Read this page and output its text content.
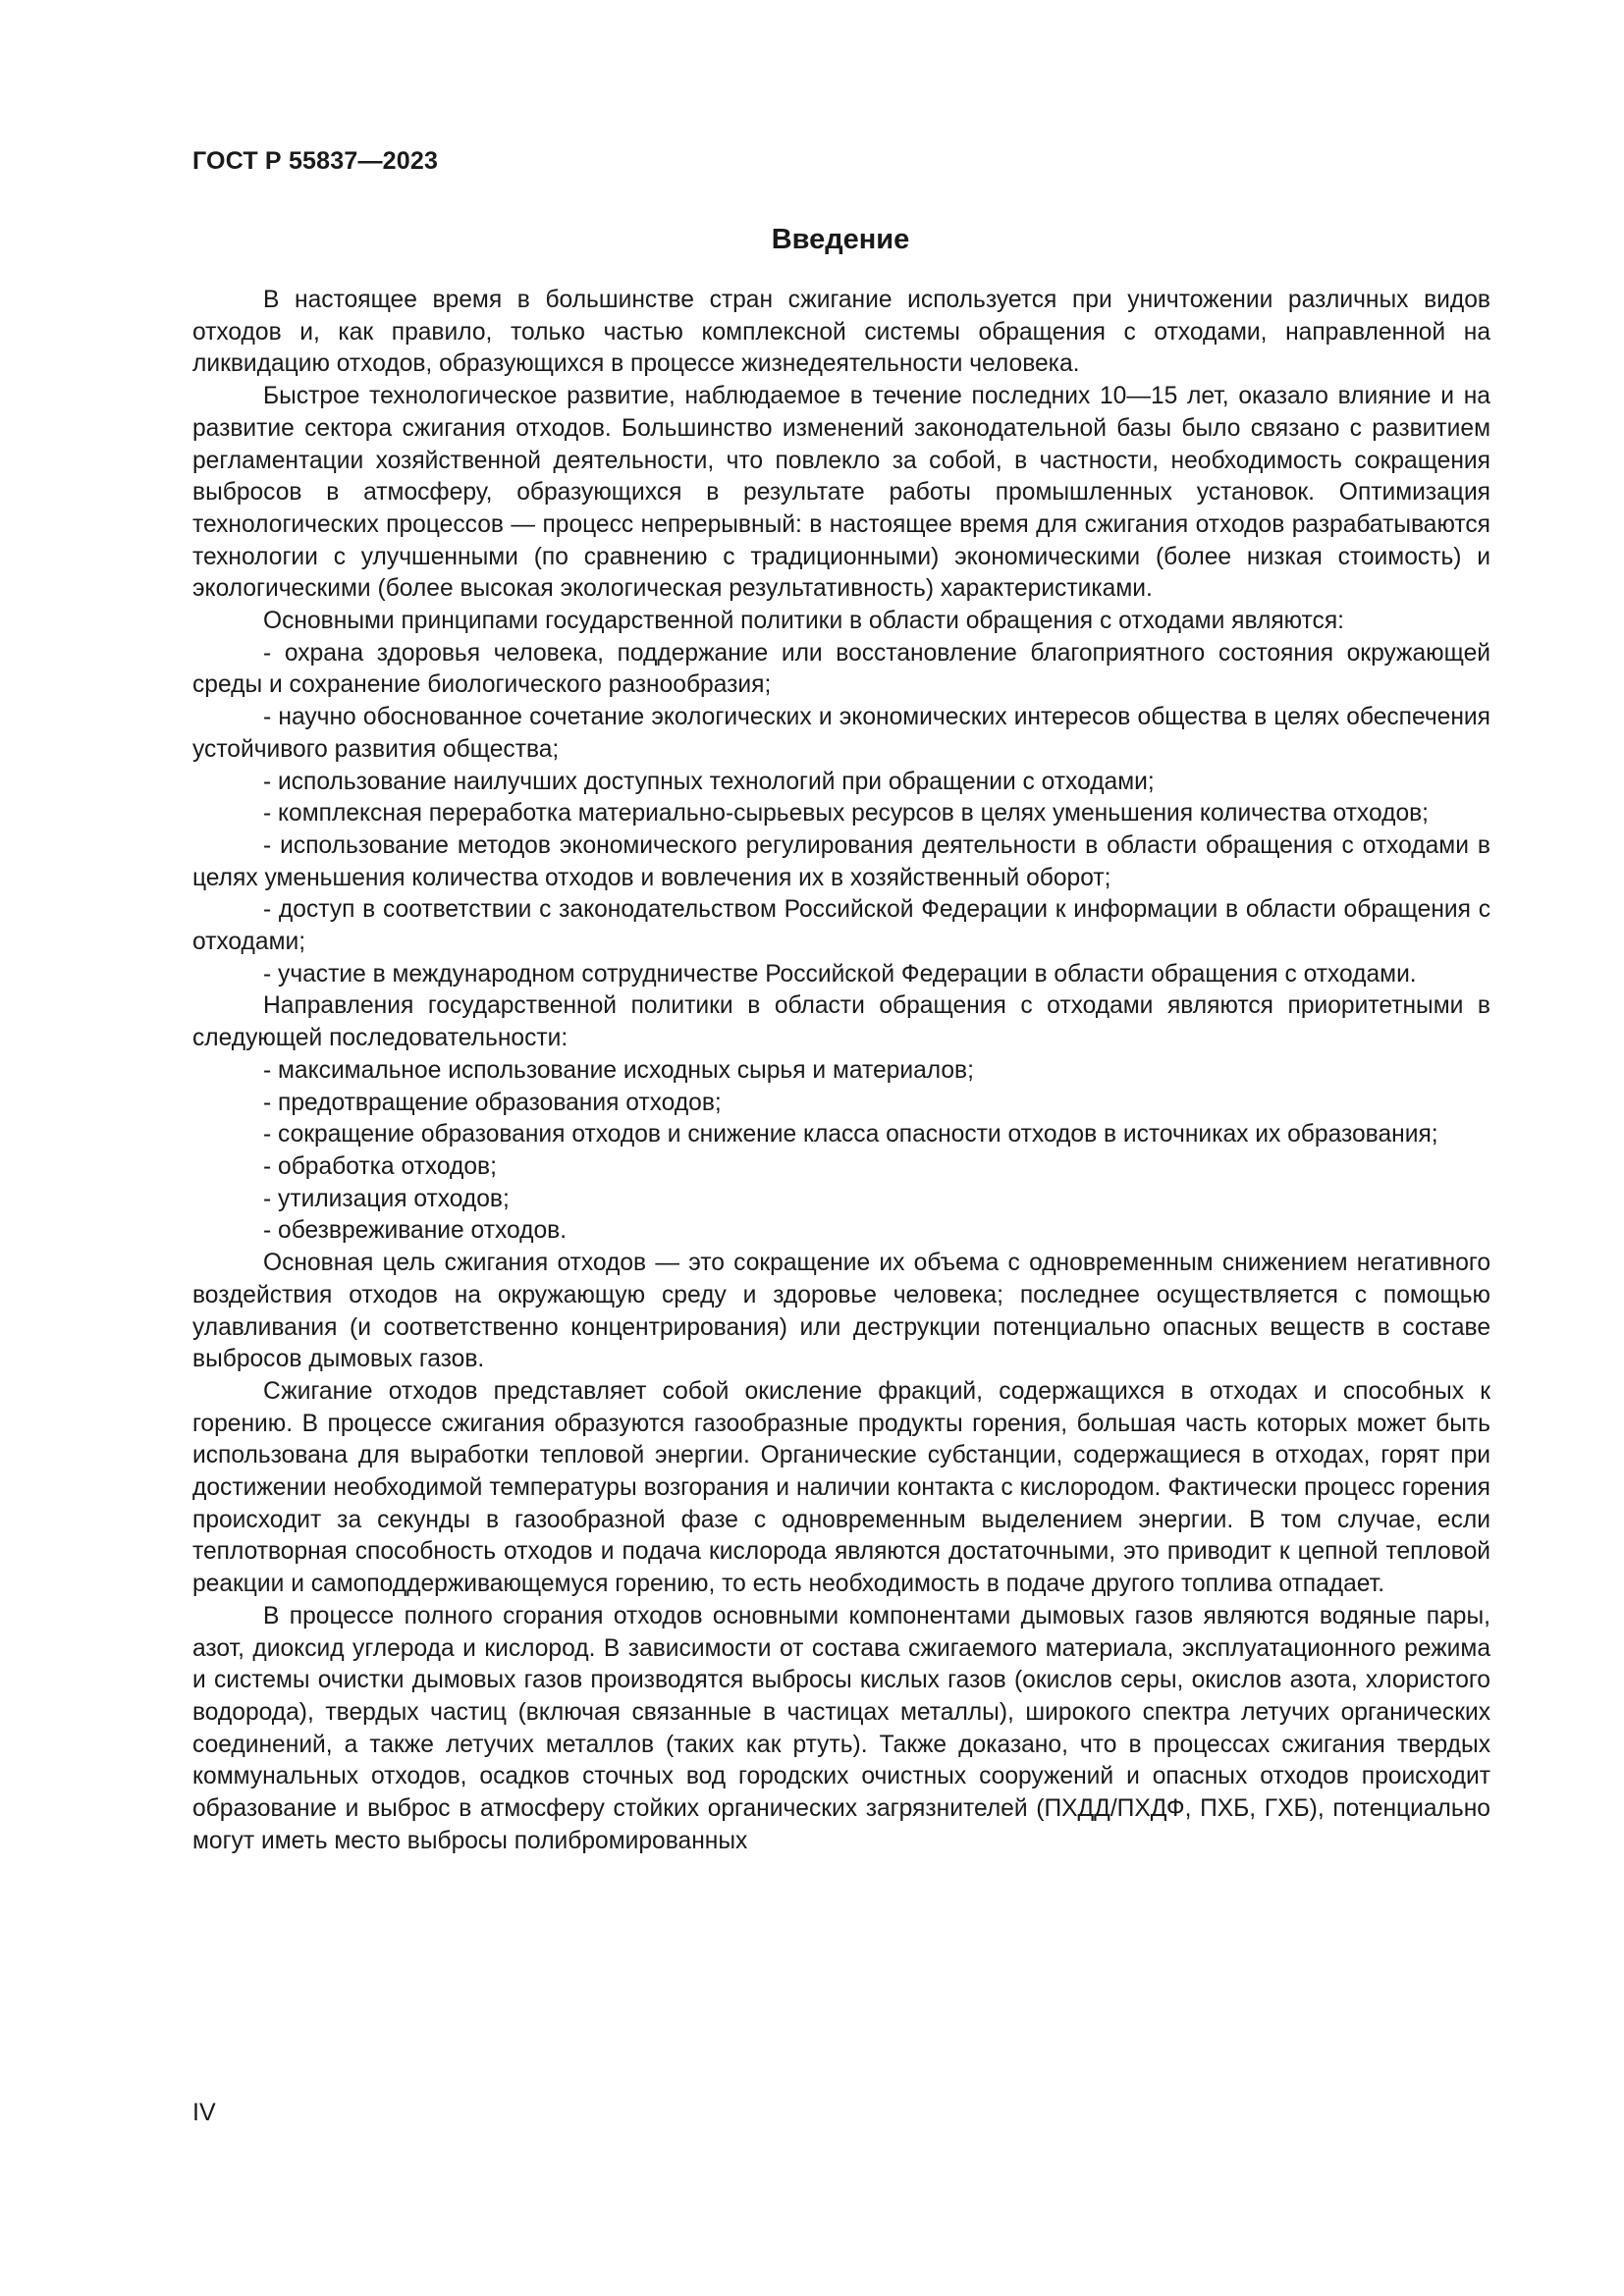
ГОСТ Р 55837—2023
Введение

В настоящее время в большинстве стран сжигание используется при уничтожении различных видов отходов и, как правило, только частью комплексной системы обращения с отходами, направленной на ликвидацию отходов, образующихся в процессе жизнедеятельности человека.

Быстрое технологическое развитие, наблюдаемое в течение последних 10—15 лет, оказало влияние и на развитие сектора сжигания отходов. Большинство изменений законодательной базы было связано с развитием регламентации хозяйственной деятельности, что повлекло за собой, в частности, необходимость сокращения выбросов в атмосферу, образующихся в результате работы промышленных установок. Оптимизация технологических процессов — процесс непрерывный: в настоящее время для сжигания отходов разрабатываются технологии с улучшенными (по сравнению с традиционными) экономическими (более низкая стоимость) и экологическими (более высокая экологическая результативность) характеристиками.

Основными принципами государственной политики в области обращения с отходами являются:

- охрана здоровья человека, поддержание или восстановление благоприятного состояния окружающей среды и сохранение биологического разнообразия;

- научно обоснованное сочетание экологических и экономических интересов общества в целях обеспечения устойчивого развития общества;

- использование наилучших доступных технологий при обращении с отходами;

- комплексная переработка материально-сырьевых ресурсов в целях уменьшения количества отходов;

- использование методов экономического регулирования деятельности в области обращения с отходами в целях уменьшения количества отходов и вовлечения их в хозяйственный оборот;

- доступ в соответствии с законодательством Российской Федерации к информации в области обращения с отходами;

- участие в международном сотрудничестве Российской Федерации в области обращения с отходами.

Направления государственной политики в области обращения с отходами являются приоритетными в следующей последовательности:

- максимальное использование исходных сырья и материалов;

- предотвращение образования отходов;

- сокращение образования отходов и снижение класса опасности отходов в источниках их образования;

- обработка отходов;

- утилизация отходов;

- обезвреживание отходов.

Основная цель сжигания отходов — это сокращение их объема с одновременным снижением негативного воздействия отходов на окружающую среду и здоровье человека; последнее осуществляется с помощью улавливания (и соответственно концентрирования) или деструкции потенциально опасных веществ в составе выбросов дымовых газов.

Сжигание отходов представляет собой окисление фракций, содержащихся в отходах и способных к горению. В процессе сжигания образуются газообразные продукты горения, большая часть которых может быть использована для выработки тепловой энергии. Органические субстанции, содержащиеся в отходах, горят при достижении необходимой температуры возгорания и наличии контакта с кислородом. Фактически процесс горения происходит за секунды в газообразной фазе с одновременным выделением энергии. В том случае, если теплотворная способность отходов и подача кислорода являются достаточными, это приводит к цепной тепловой реакции и самоподдерживающемуся горению, то есть необходимость в подаче другого топлива отпадает.

В процессе полного сгорания отходов основными компонентами дымовых газов являются водяные пары, азот, диоксид углерода и кислород. В зависимости от состава сжигаемого материала, эксплуатационного режима и системы очистки дымовых газов производятся выбросы кислых газов (окислов серы, окислов азота, хлористого водорода), твердых частиц (включая связанные в частицах металлы), широкого спектра летучих органических соединений, а также летучих металлов (таких как ртуть). Также доказано, что в процессах сжигания твердых коммунальных отходов, осадков сточных вод городских очистных сооружений и опасных отходов происходит образование и выброс в атмосферу стойких органических загрязнителей (ПХДД/ПХДФ, ПХБ, ГХБ), потенциально могут иметь место выбросы полибромированных

IV
